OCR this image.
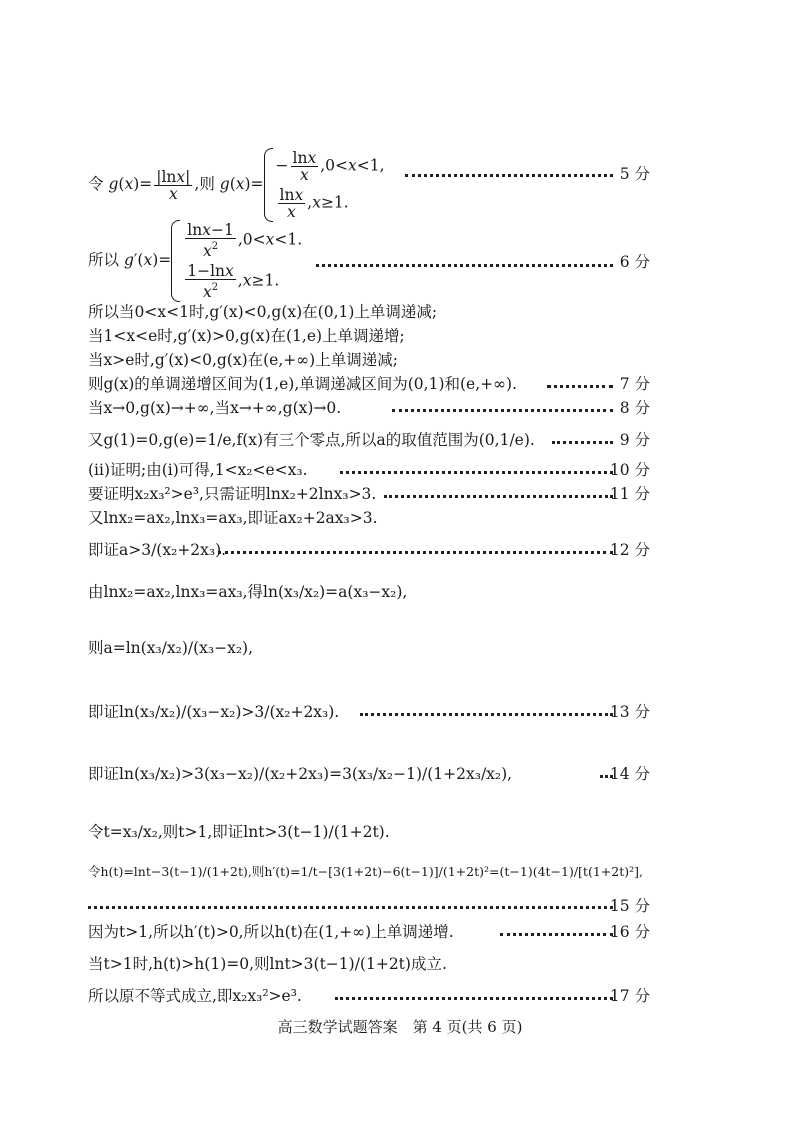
令 $g(x)= \frac{|\ln x|}{x}$ ,则 g(x)=
− $\frac{\ln x}{x} ,0<x<1$,
$\frac{\ln x}{x} ,x\ge 1$.
5 分
所以 g′(x)=
$\frac{\ln x-1}{x^2} ,0<x<1$.
$\frac{1-\ln x}{x^2} ,x\ge 1$.
6 分
所以当0<x<1时,g′(x)<0,g(x)在(0,1)上单调递减;
当1<x<e时,g′(x)>0,g(x)在(1,e)上单调递增;
当x>e时,g′(x)<0,g(x)在(e,+∞)上单调递减;
则g(x)的单调递增区间为(1,e),单调递减区间为(0,1)和(e,+∞).	7 分
当x→0,g(x)→+∞,当x→+∞,g(x)→0.	8 分
又g(1)=0,g(e)=1/e,f(x)有三个零点,所以a的取值范围为(0,1/e).	9 分
(ⅱ)证明;由(ⅰ)可得,1<x₂<e<x₃.	10 分
要证明x₂x₃²>e³,只需证明lnx₂+2lnx₃>3.	11 分
又lnx₂=ax₂,lnx₃=ax₃,即证ax₂+2ax₃>3.
即证a>3/(x₂+2x₃).	12 分
由lnx₂=ax₂,lnx₃=ax₃,得ln(x₃/x₂)=a(x₃−x₂),
则a=ln(x₃/x₂)/(x₃−x₂),
即证ln(x₃/x₂)/(x₃−x₂)>3/(x₂+2x₃).	13 分
即证ln(x₃/x₂)>3(x₃−x₂)/(x₂+2x₃)=3(x₃/x₂−1)/(1+2x₃/x₂),	14 分
令t=x₃/x₂,则t>1,即证lnt>3(t−1)/(1+2t).
令h(t)=lnt−3(t−1)/(1+2t),则h′(t)=1/t−[3(1+2t)−6(t−1)]/(1+2t)²=(t−1)(4t−1)/[t(1+2t)²],
15 分
因为t>1,所以h′(t)>0,所以h(t)在(1,+∞)上单调递增.	16 分
当t>1时,h(t)>h(1)=0,则lnt>3(t−1)/(1+2t)成立.
所以原不等式成立,即x₂x₃²>e³.	17 分
高三数学试题答案　第 4 页(共 6 页)
